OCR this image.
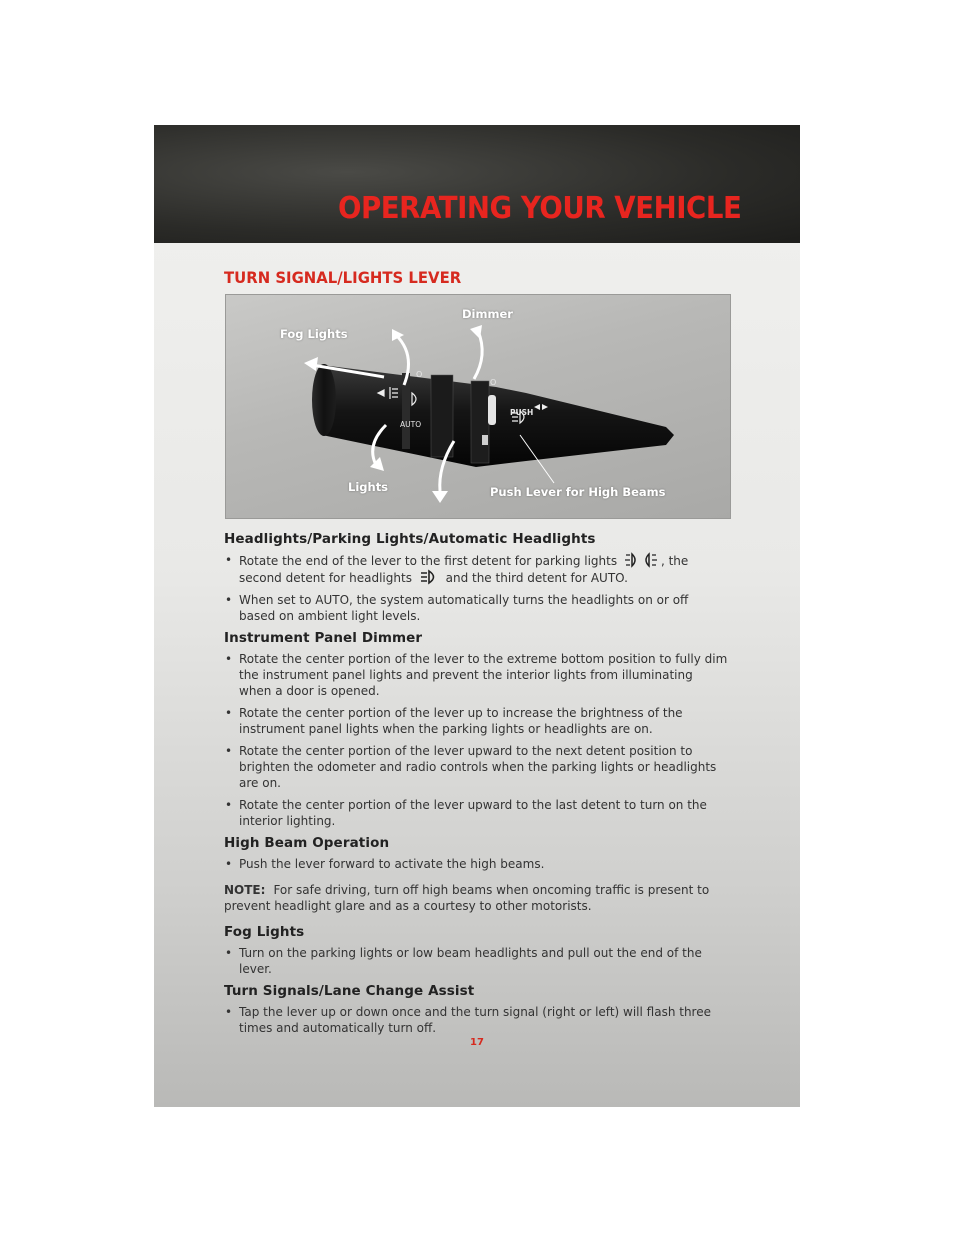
OPERATING YOUR VEHICLE
TURN SIGNAL/LIGHTS LEVER
AUTO
PUSH
O
O
Fog Lights
Dimmer
Lights	Push Lever for High Beams
Headlights/Parking Lights/Automatic Headlights
• Rotate the end of the lever to the first detent for parking lights	, the second detent for headlights	and the third detent for AUTO.
• When set to AUTO, the system automatically turns the headlights on or off based on ambient light levels.
Instrument Panel Dimmer
• Rotate the center portion of the lever to the extreme bottom position to fully dim the instrument panel lights and prevent the interior lights from illuminating when a door is opened.
• Rotate the center portion of the lever up to increase the brightness of the instrument panel lights when the parking lights or headlights are on.
• Rotate the center portion of the lever upward to the next detent position to brighten the odometer and radio controls when the parking lights or headlights are on.
• Rotate the center portion of the lever upward to the last detent to turn on the interior lighting.
High Beam Operation
• Push the lever forward to activate the high beams.

NOTE: For safe driving, turn off high beams when oncoming traffic is present to prevent headlight glare and as a courtesy to other motorists.

Fog Lights
• Turn on the parking lights or low beam headlights and pull out the end of the lever.
Turn Signals/Lane Change Assist
• Tap the lever up or down once and the turn signal (right or left) will flash three times and automatically turn off.
17
